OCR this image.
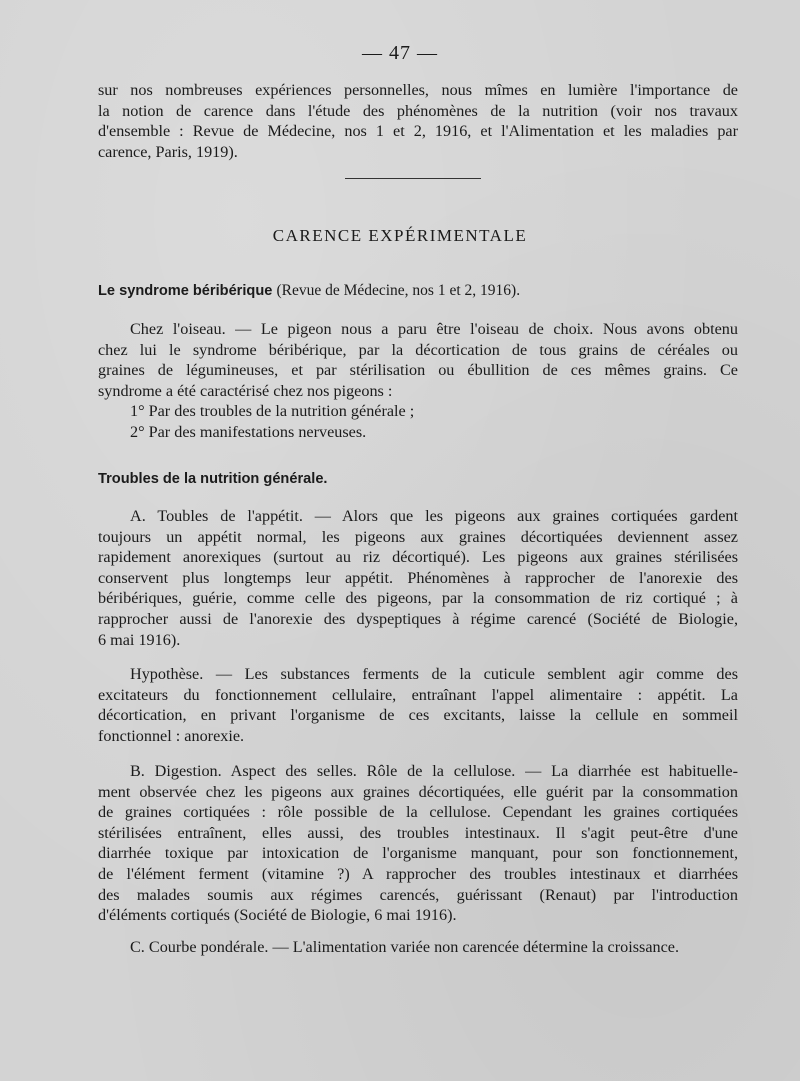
— 47 —
sur nos nombreuses expériences personnelles, nous mîmes en lumière l'importance de
la notion de carence dans l'étude des phénomènes de la nutrition (voir nos travaux
d'ensemble : Revue de Médecine, nos 1 et 2, 1916, et l'Alimentation et les maladies par
carence, Paris, 1919).
CARENCE EXPÉRIMENTALE
Le syndrome béribérique (Revue de Médecine, nos 1 et 2, 1916).
Chez l'oiseau. — Le pigeon nous a paru être l'oiseau de choix. Nous avons obtenu
chez lui le syndrome béribérique, par la décortication de tous grains de céréales ou
graines de légumineuses, et par stérilisation ou ébullition de ces mêmes grains. Ce
syndrome a été caractérisé chez nos pigeons :
1° Par des troubles de la nutrition générale ;
2° Par des manifestations nerveuses.
Troubles de la nutrition générale.
A. Toubles de l'appétit. — Alors que les pigeons aux graines cortiquées gardent
toujours un appétit normal, les pigeons aux graines décortiquées deviennent assez
rapidement anorexiques (surtout au riz décortiqué). Les pigeons aux graines stérilisées
conservent plus longtemps leur appétit. Phénomènes à rapprocher de l'anorexie des
béribériques, guérie, comme celle des pigeons, par la consommation de riz cortiqué ; à
rapprocher aussi de l'anorexie des dyspeptiques à régime carencé (Société de Biologie,
6 mai 1916).
Hypothèse. — Les substances ferments de la cuticule semblent agir comme des
excitateurs du fonctionnement cellulaire, entraînant l'appel alimentaire : appétit. La
décortication, en privant l'organisme de ces excitants, laisse la cellule en sommeil
fonctionnel : anorexie.
B. Digestion. Aspect des selles. Rôle de la cellulose. — La diarrhée est habituelle-
ment observée chez les pigeons aux graines décortiquées, elle guérit par la consommation
de graines cortiquées : rôle possible de la cellulose. Cependant les graines cortiquées
stérilisées entraînent, elles aussi, des troubles intestinaux. Il s'agit peut-être d'une
diarrhée toxique par intoxication de l'organisme manquant, pour son fonctionnement,
de l'élément ferment (vitamine ?) A rapprocher des troubles intestinaux et diarrhées
des malades soumis aux régimes carencés, guérissant (Renaut) par l'introduction
d'éléments cortiqués (Société de Biologie, 6 mai 1916).
C. Courbe pondérale. — L'alimentation variée non carencée détermine la croissance.
